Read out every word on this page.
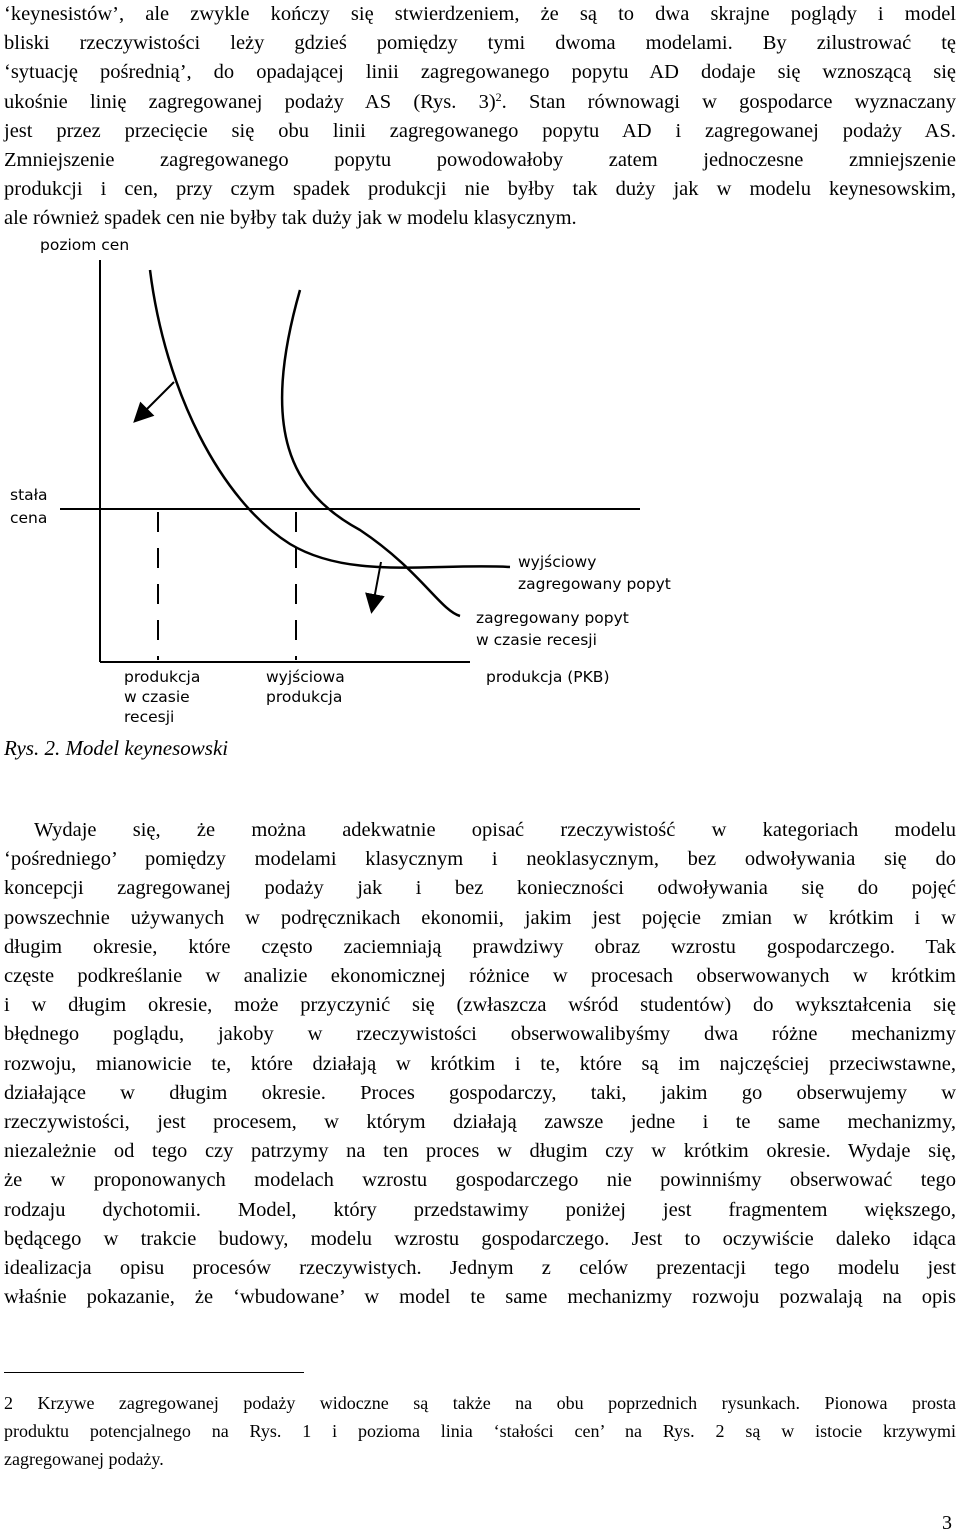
‘keynesistów’, ale zwykle kończy się stwierdzeniem, że są to dwa skrajne poglądy i model
bliski rzeczywistości leży gdzieś pomiędzy tymi dwoma modelami. By zilustrować tę
‘sytuację pośrednią’, do opadającej linii zagregowanego popytu AD dodaje się wznoszącą się
ukośnie linię zagregowanej podaży AS (Rys. 3)$^2$. Stan równowagi w gospodarce wyznaczany
jest przez przecięcie się obu linii zagregowanego popytu AD i zagregowanej podaży AS.
Zmniejszenie zagregowanego popytu powodowałoby zatem jednoczesne zmniejszenie
produkcji i cen, przy czym spadek produkcji nie byłby tak duży jak w modelu keynesowskim,
ale również spadek cen nie byłby tak duży jak w modelu klasycznym.
poziom cen
stała
cena
wyjściowy
zagregowany popyt
zagregowany popyt
w czasie recesji
produkcja (PKB)
produkcja
w czasie
recesji
wyjściowa
produkcja

Rys. 2. Model keynesowski

Wydaje się, że można adekwatnie opisać rzeczywistość w kategoriach modelu
‘pośredniego’ pomiędzy modelami klasycznym i neoklasycznym, bez odwoływania się do
koncepcji zagregowanej podaży jak i bez konieczności odwoływania się do pojęć
powszechnie używanych w podręcznikach ekonomii, jakim jest pojęcie zmian w krótkim i w
długim okresie, które często zaciemniają prawdziwy obraz wzrostu gospodarczego. Tak
częste podkreślanie w analizie ekonomicznej różnice w procesach obserwowanych w krótkim
i w długim okresie, może przyczynić się (zwłaszcza wśród studentów) do wykształcenia się
błędnego poglądu, jakoby w rzeczywistości obserwowalibyśmy dwa różne mechanizmy
rozwoju, mianowicie te, które działają w krótkim i te, które są im najczęściej przeciwstawne,
działające w długim okresie. Proces gospodarczy, taki, jakim go obserwujemy w
rzeczywistości, jest procesem, w którym działają zawsze jedne i te same mechanizmy,
niezależnie od tego czy patrzymy na ten proces w długim czy w krótkim okresie. Wydaje się,
że w proponowanych modelach wzrostu gospodarczego nie powinniśmy obserwować tego
rodzaju dychotomii. Model, który przedstawimy poniżej jest fragmentem większego,
będącego w trakcie budowy, modelu wzrostu gospodarczego. Jest to oczywiście daleko idąca
idealizacja opisu procesów rzeczywistych. Jednym z celów prezentacji tego modelu jest
właśnie pokazanie, że ‘wbudowane’ w model te same mechanizmy rozwoju pozwalają na opis
2 Krzywe zagregowanej podaży widoczne są także na obu poprzednich rysunkach. Pionowa prosta
produktu potencjalnego na Rys. 1 i pozioma linia ‘stałości cen’ na Rys. 2 są w istocie krzywymi
zagregowanej podaży.
3
